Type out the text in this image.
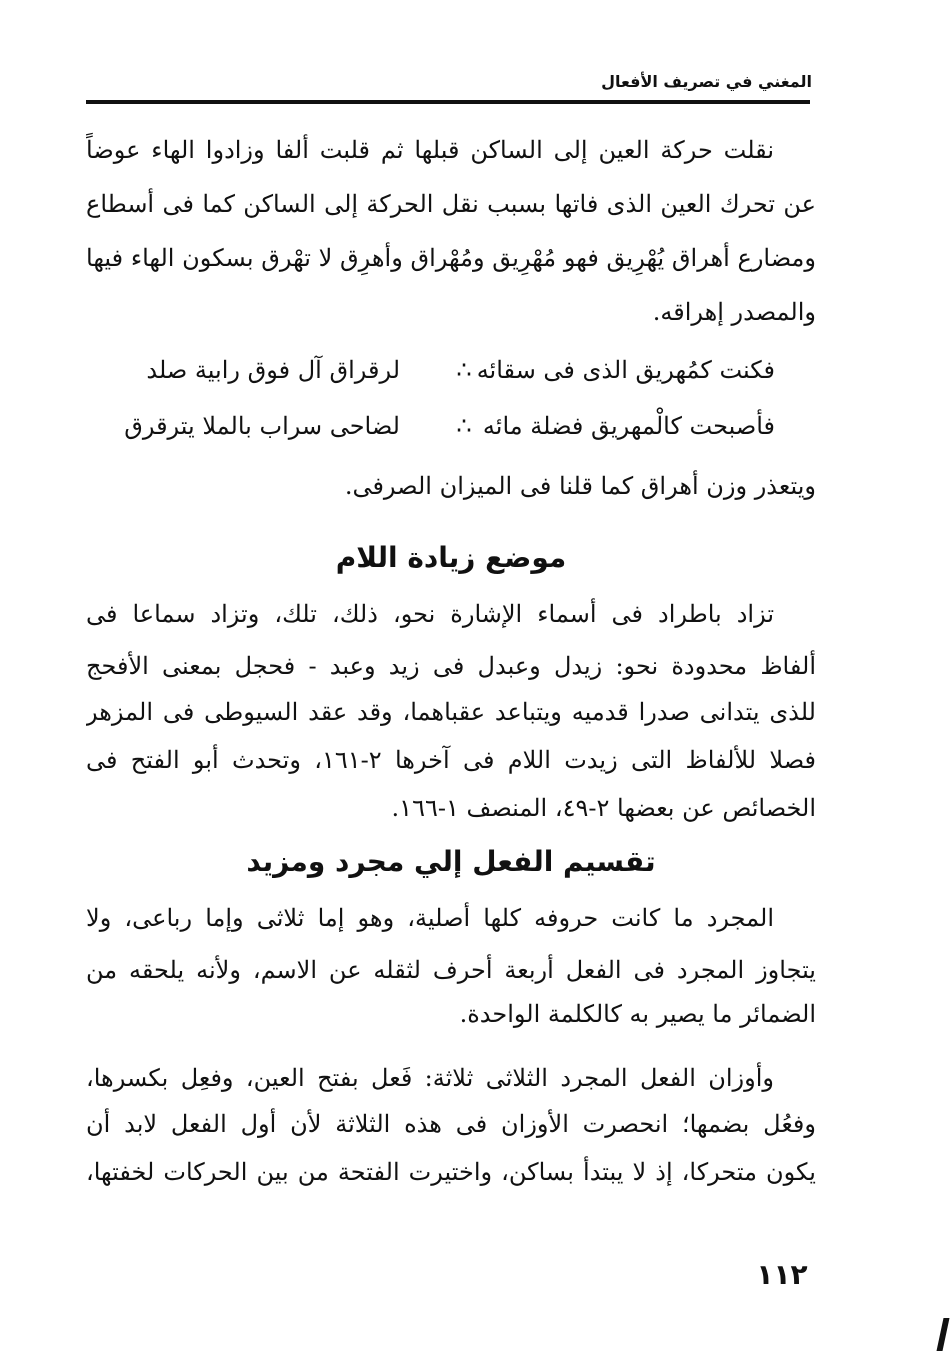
المغني في تصريف الأفعال
نقلت حركة العين إلى الساكن قبلها ثم قلبت ألفا وزادوا الهاء عوضاً
عن تحرك العين الذى فاتها بسبب نقل الحركة إلى الساكن كما فى أسطاع
ومضارع أهراق يُهْرِيق فهو مُهْرِيق ومُهْراق وأهرِق لا تهْرق بسكون الهاء فيها
والمصدر إهراقه.
فكنت كمُهريق الذى فى سقائه
∴
لرقراق آل فوق رابية صلد
فأصبحت كالْمهريق فضلة مائه
∴
لضاحى سراب بالملا يترقرق
ويتعذر وزن أهراق كما قلنا فى الميزان الصرفى.
موضع زيادة اللام
تزاد باطراد فى أسماء الإشارة نحو، ذلك، تلك، وتزاد سماعا فى
ألفاظ محدودة نحو: زيدل وعبدل فى زيد وعبد - فحجل بمعنى الأفحج
للذى يتدانى صدرا قدميه ويتباعد عقباهما، وقد عقد السيوطى فى المزهر
فصلا للألفاظ التى زيدت اللام فى آخرها ٢-١٦١، وتحدث أبو الفتح فى
الخصائص عن بعضها ٢-٤٩، المنصف ١-١٦٦.
تقسيم الفعل إلي مجرد ومزيد
المجرد ما كانت حروفه كلها أصلية، وهو إما ثلاثى وإما رباعى، ولا
يتجاوز المجرد فى الفعل أربعة أحرف لثقله عن الاسم، ولأنه يلحقه من
الضمائر ما يصير به كالكلمة الواحدة.
وأوزان الفعل المجرد الثلاثى ثلاثة: فَعل بفتح العين، وفعِل بكسرها،
وفعُل بضمها؛ انحصرت الأوزان فى هذه الثلاثة لأن أول الفعل لابد أن
يكون متحركا، إذ لا يبتدأ بساكن، واختيرت الفتحة من بين الحركات لخفتها،
١١٢
